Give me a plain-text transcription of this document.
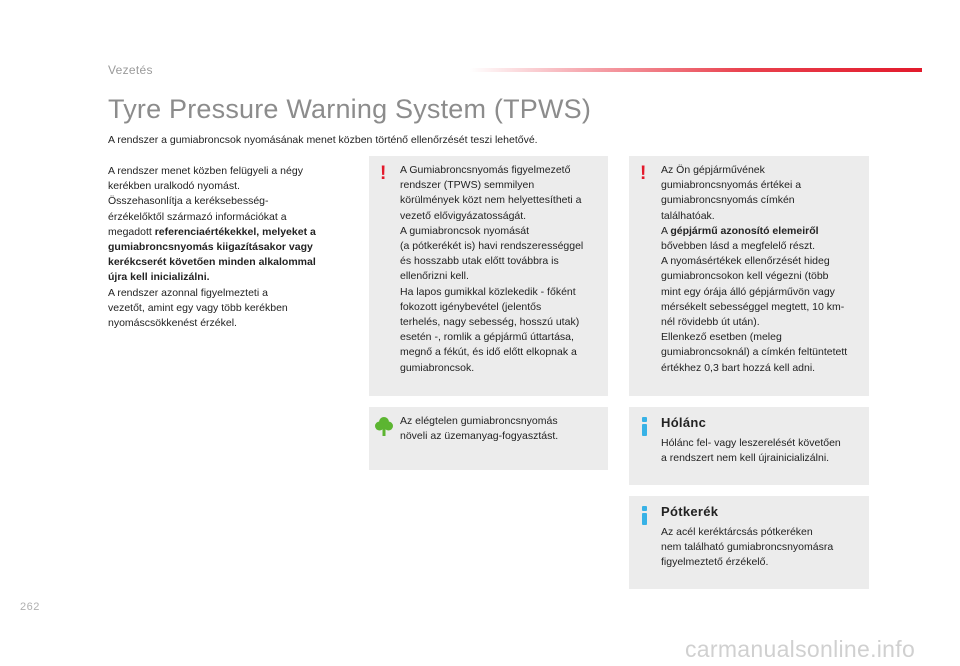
Vezetés
Tyre Pressure Warning System (TPWS)
A rendszer a gumiabroncsok nyomásának menet közben történő ellenőrzését teszi lehetővé.

A rendszer menet közben felügyeli a négy

kerékben uralkodó nyomást.

Összehasonlítja a keréksebesség-

érzékelőktől származó információkat a

megadott referenciaértékekkel, melyeket a

gumiabroncsnyomás kiigazításakor vagy

kerékcserét követően minden alkalommal

újra kell inicializálni.

A rendszer azonnal figyelmezteti a

vezetőt, amint egy vagy több kerékben

nyomáscsökkenést érzékel.

!	A Gumiabroncsnyomás figyelmezető

rendszer (TPWS) semmilyen

körülmények közt nem helyettesítheti a

vezető elővigyázatosságát.

A gumiabroncsok nyomását

(a pótkerékét is) havi rendszerességgel

és hosszabb utak előtt továbbra is

ellenőrizni kell.

Ha lapos gumikkal közlekedik - főként

fokozott igénybevétel (jelentős

terhelés, nagy sebesség, hosszú utak)

esetén -, romlik a gépjármű úttartása,

megnő a fékút, és idő előtt elkopnak a

gumiabroncsok.

!	Az Ön gépjárművének

gumiabroncsnyomás értékei a

gumiabroncsnyomás címkén

találhatóak.

A gépjármű azonosító elemeiről

bővebben lásd a megfelelő részt.

A nyomásértékek ellenőrzését hideg

gumiabroncsokon kell végezni (több

mint egy órája álló gépjárművön vagy

mérsékelt sebességgel megtett, 10 km-

nél rövidebb út után).

Ellenkező esetben (meleg

gumiabroncsoknál) a címkén feltüntetett

értékhez 0,3 bart hozzá kell adni.

Az elégtelen gumiabroncsnyomás

növeli az üzemanyag-fogyasztást.

Hólánc

Hólánc fel- vagy leszerelését követően

a rendszert nem kell újrainicializálni.

Pótkerék

Az acél keréktárcsás pótkeréken

nem található gumiabroncsnyomásra

figyelmeztető érzékelő.

262
carmanualsonline.info
